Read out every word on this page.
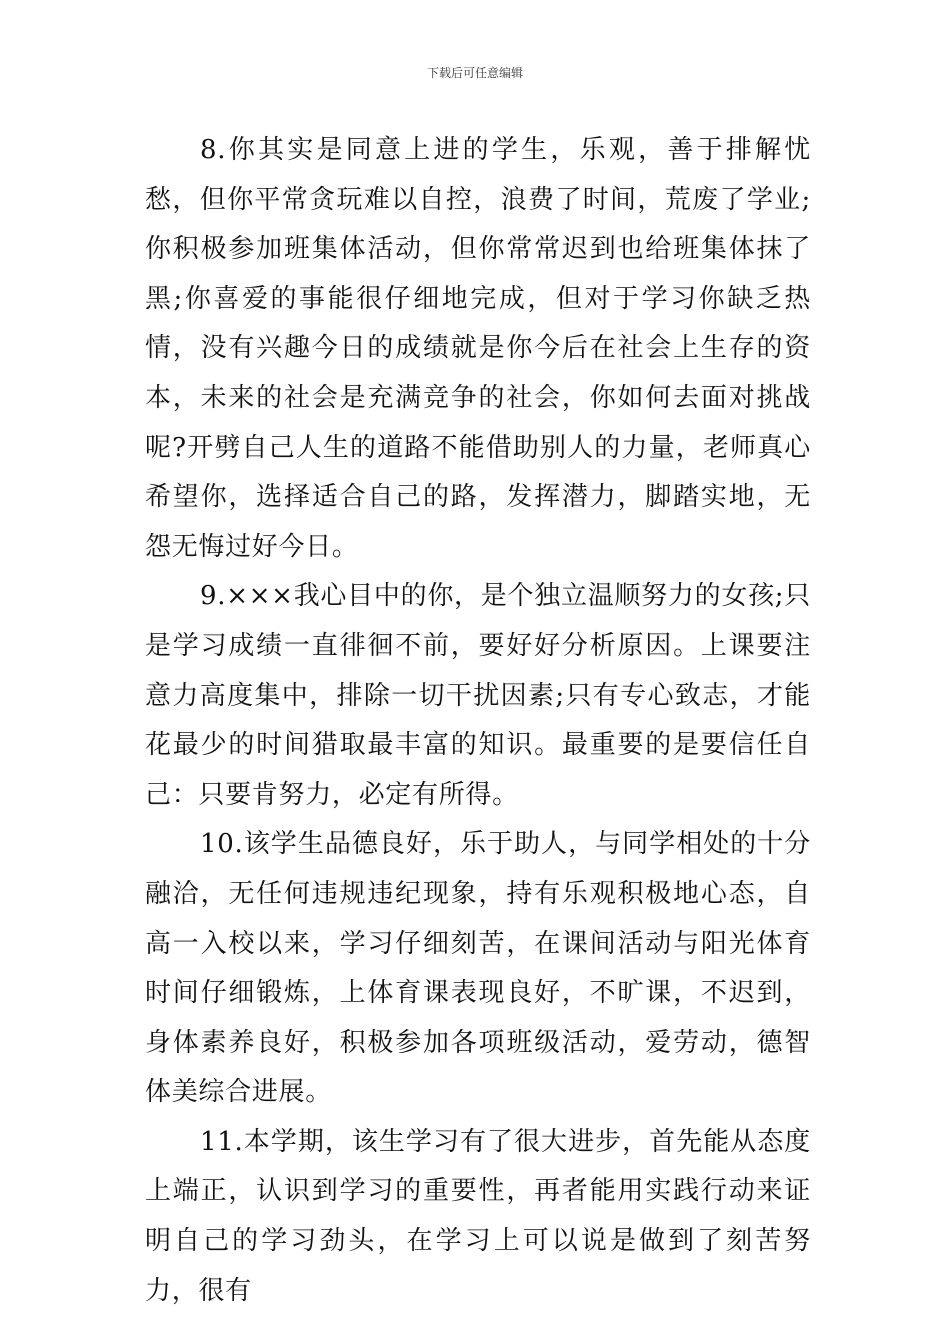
下载后可任意编辑

8.你其实是同意上进的学生，乐观，善于排解忧愁，但你平常贪玩难以自控，浪费了时间，荒废了学业;你积极参加班集体活动，但你常常迟到也给班集体抹了黑;你喜爱的事能很仔细地完成，但对于学习你缺乏热情，没有兴趣今日的成绩就是你今后在社会上生存的资本，未来的社会是充满竞争的社会，你如何去面对挑战呢?开劈自己人生的道路不能借助别人的力量，老师真心希望你，选择适合自己的路，发挥潜力，脚踏实地，无怨无悔过好今日。

9.×××我心目中的你，是个独立温顺努力的女孩;只是学习成绩一直徘徊不前，要好好分析原因。上课要注意力高度集中，排除一切干扰因素;只有专心致志，才能花最少的时间猎取最丰富的知识。最重要的是要信任自己：只要肯努力，必定有所得。

10.该学生品德良好，乐于助人，与同学相处的十分融洽，无任何违规违纪现象，持有乐观积极地心态，自高一入校以来，学习仔细刻苦，在课间活动与阳光体育时间仔细锻炼，上体育课表现良好，不旷课，不迟到，身体素养良好，积极参加各项班级活动，爱劳动，德智体美综合进展。

11.本学期，该生学习有了很大进步，首先能从态度上端正，认识到学习的重要性，再者能用实践行动来证明自己的学习劲头，在学习上可以说是做到了刻苦努力，很有
